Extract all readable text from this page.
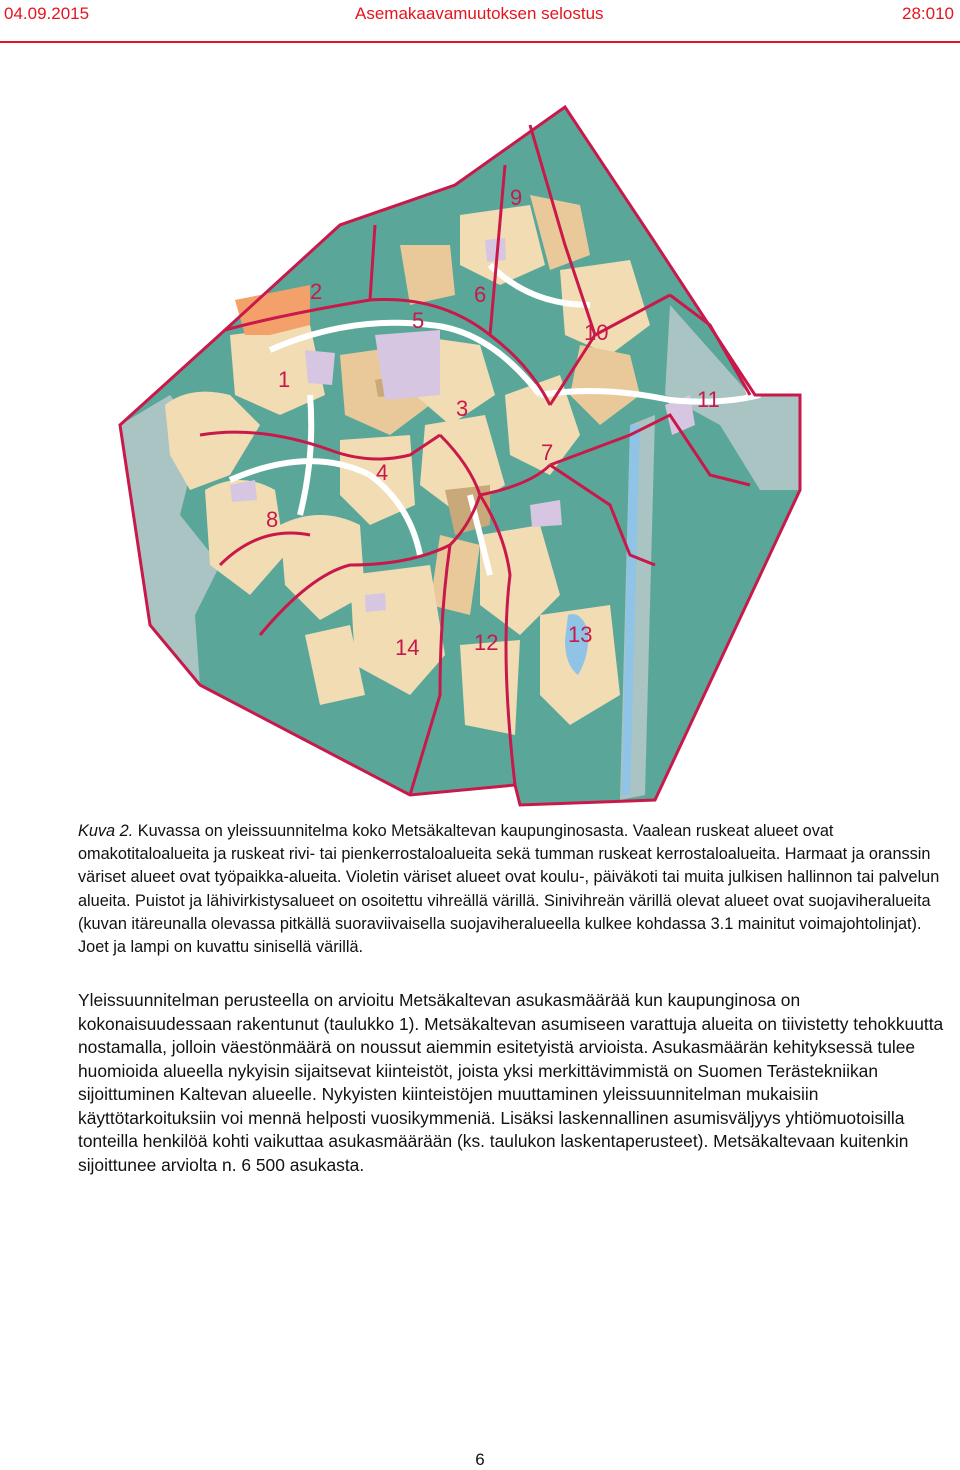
04.09.2015	Asemakaavamuutoksen selostus	28:010
1
2
3
4
5
6
7
8
9
10
11
12	13
14
Kuva 2. Kuvassa on yleissuunnitelma koko Metsäkaltevan kaupunginosasta. Vaalean ruskeat alueet ovat omakotitaloalueita ja ruskeat rivi- tai pienkerrostaloalueita sekä tumman ruskeat kerrostaloalueita. Harmaat ja oranssin väriset alueet ovat työpaikka-alueita. Violetin väriset alueet ovat koulu-, päiväkoti tai muita julkisen hallinnon tai palvelun alueita. Puistot ja lähivirkistysalueet on osoitettu vihreällä värillä. Sinivihreän värillä olevat alueet ovat suojaviheralueita (kuvan itäreunalla olevassa pitkällä suoraviivaisella suojaviheralueella kulkee kohdassa 3.1 mainitut voimajohtolinjat). Joet ja lampi on kuvattu sinisellä värillä.
Yleissuunnitelman perusteella on arvioitu Metsäkaltevan asukasmäärää kun kaupunginosa on kokonaisuudessaan rakentunut (taulukko 1). Metsäkaltevan asumiseen varattuja alueita on tiivistetty tehokkuutta nostamalla, jolloin väestönmäärä on noussut aiemmin esitetyistä arvioista. Asukasmäärän kehityksessä tulee huomioida alueella nykyisin sijaitsevat kiinteistöt, joista yksi merkittävimmistä on Suomen Terästekniikan sijoittuminen Kaltevan alueelle. Nykyisten kiinteistöjen muuttaminen yleissuunnitelman mukaisiin käyttötarkoituksiin voi mennä helposti vuosikymmeniä. Lisäksi laskennallinen asumisväljyys yhtiömuotoisilla tonteilla henkilöä kohti vaikuttaa asukasmäärään (ks. taulukon laskentaperusteet). Metsäkaltevaan kuitenkin sijoittunee arviolta n. 6 500 asukasta.
6
